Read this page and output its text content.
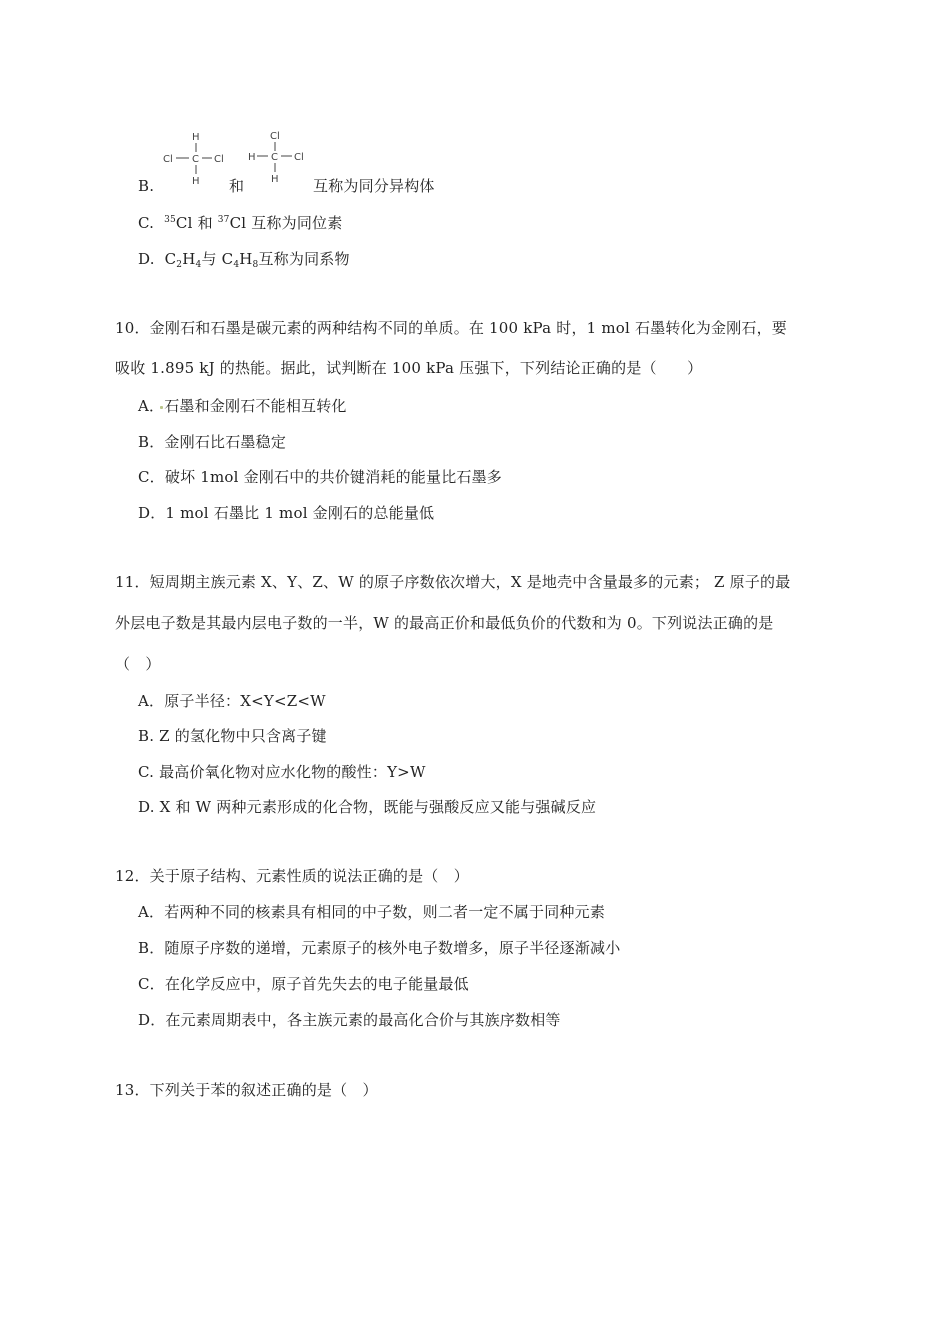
B.
H
Cl C Cl
H 和
Cl
H C Cl
H 互称为同分异构体
C. $^{35}$Cl 和 $^{37}$Cl 互称为同位素
D. $C_2H_4$与 $C_4H_8$互称为同系物
10．金刚石和石墨是碳元素的两种结构不同的单质。在 100 kPa 时，1 mol 石墨转化为金刚石，要
吸收 1.895 kJ 的热能。据此，试判断在 100 kPa 压强下，下列结论正确的是（　　）
A．石墨和金刚石不能相互转化
B．金刚石比石墨稳定
C．破坏 1mol 金刚石中的共价键消耗的能量比石墨多
D．1 mol 石墨比 1 mol 金刚石的总能量低
11．短周期主族元素 X、Y、Z、W 的原子序数依次增大，X 是地壳中含量最多的元素； Z 原子的最
外层电子数是其最内层电子数的一半，W 的最高正价和最低负价的代数和为 0。下列说法正确的是
（　）
A．原子半径：X<Y<Z<W
B. Z 的氢化物中只含离子键
C. 最高价氧化物对应水化物的酸性：Y>W
D. X 和 W 两种元素形成的化合物，既能与强酸反应又能与强碱反应
12．关于原子结构、元素性质的说法正确的是（　）
A．若两种不同的核素具有相同的中子数，则二者一定不属于同种元素
B．随原子序数的递增，元素原子的核外电子数增多，原子半径逐渐减小
C．在化学反应中，原子首先失去的电子能量最低
D．在元素周期表中，各主族元素的最高化合价与其族序数相等
13．下列关于苯的叙述正确的是（　）
